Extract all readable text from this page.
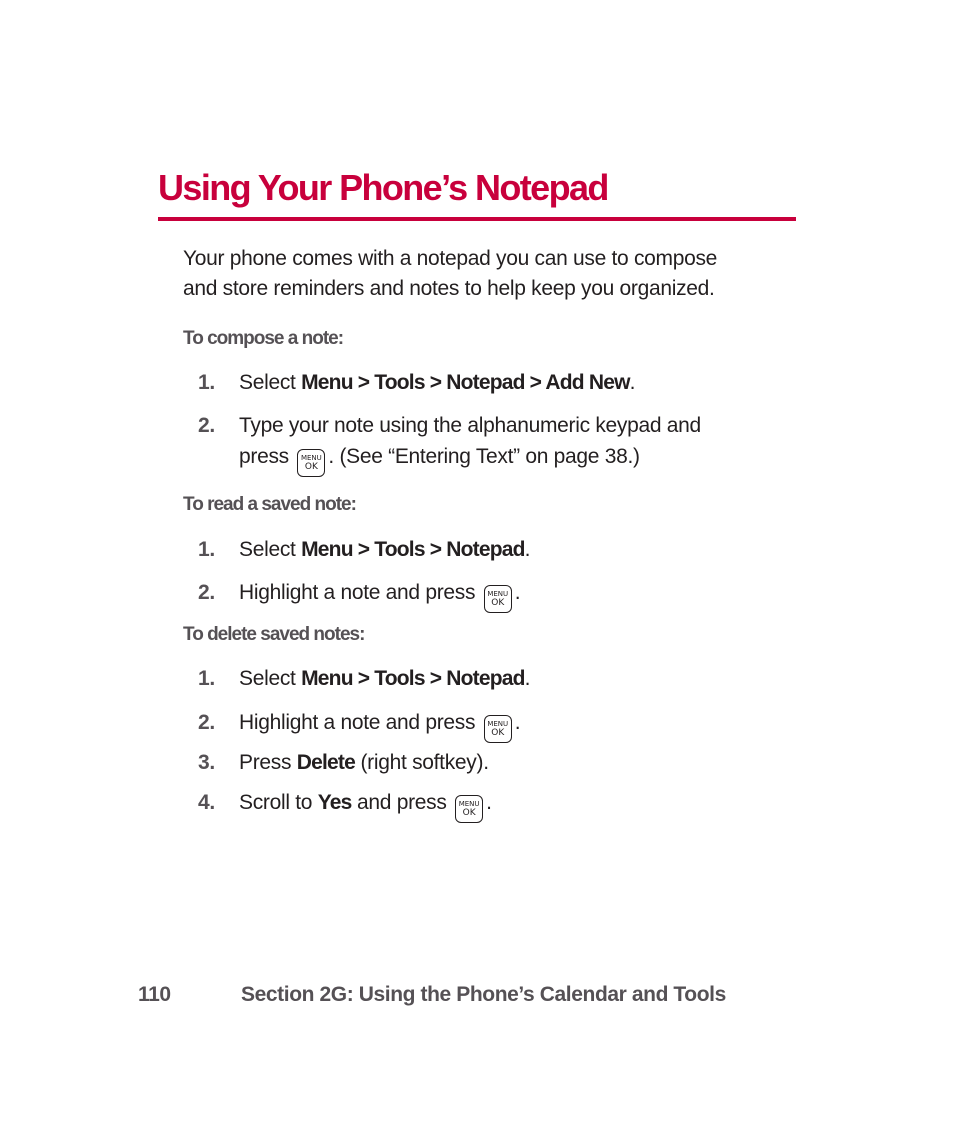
Using Your Phone’s Notepad

Your phone comes with a notepad you can use to compose
and store reminders and notes to help keep you organized.

To compose a note:
1. Select Menu > Tools > Notepad > Add New.
2. Type your note using the alphanumeric keypad and
press MENU
OK . (See “Entering Text” on page 38.)
To read a saved note:
1. Select Menu > Tools > Notepad.
2. Highlight a note and press MENU
OK .
To delete saved notes:
1. Select Menu > Tools > Notepad.
2. Highlight a note and press MENU
OK .
3. Press Delete (right softkey).
4. Scroll to Yes and press MENU
OK .
110	Section 2G: Using the Phone’s Calendar and Tools
